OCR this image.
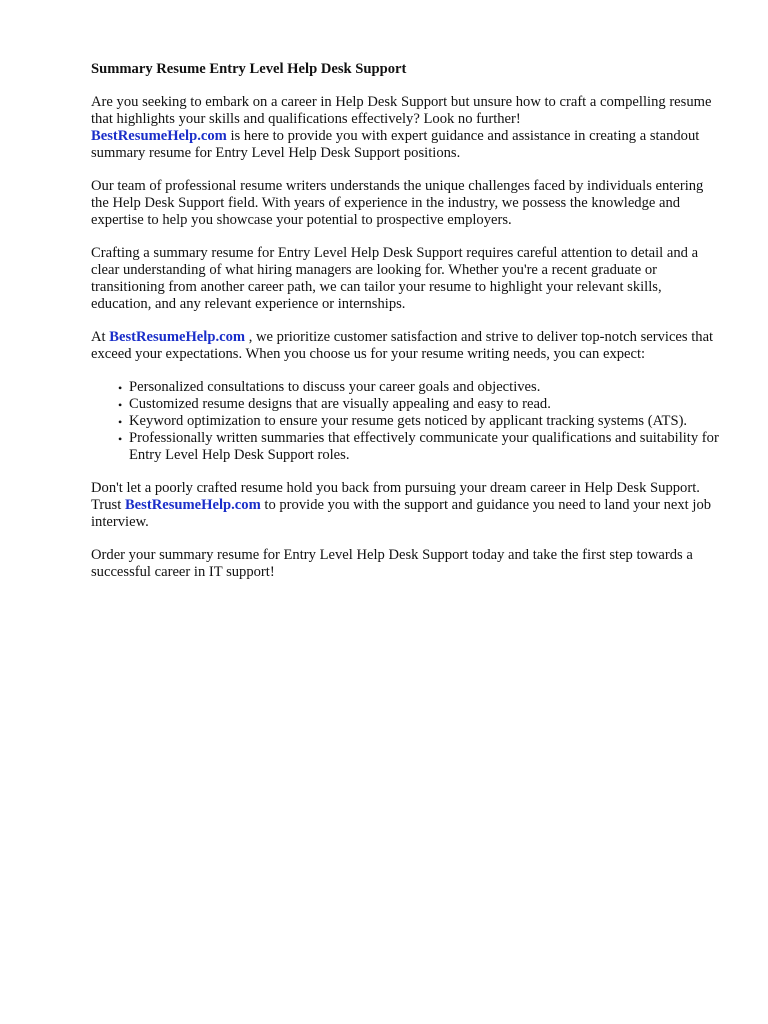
Summary Resume Entry Level Help Desk Support

Are you seeking to embark on a career in Help Desk Support but unsure how to craft a compelling resume that highlights your skills and qualifications effectively? Look no further!
BestResumeHelp.com is here to provide you with expert guidance and assistance in creating a standout summary resume for Entry Level Help Desk Support positions.

Our team of professional resume writers understands the unique challenges faced by individuals entering the Help Desk Support field. With years of experience in the industry, we possess the knowledge and expertise to help you showcase your potential to prospective employers.

Crafting a summary resume for Entry Level Help Desk Support requires careful attention to detail and a clear understanding of what hiring managers are looking for. Whether you're a recent graduate or transitioning from another career path, we can tailor your resume to highlight your relevant skills, education, and any relevant experience or internships.

At BestResumeHelp.com , we prioritize customer satisfaction and strive to deliver top-notch services that exceed your expectations. When you choose us for your resume writing needs, you can expect:

• Personalized consultations to discuss your career goals and objectives.
• Customized resume designs that are visually appealing and easy to read.
• Keyword optimization to ensure your resume gets noticed by applicant tracking systems (ATS).
• Professionally written summaries that effectively communicate your qualifications and suitability for Entry Level Help Desk Support roles.

Don't let a poorly crafted resume hold you back from pursuing your dream career in Help Desk Support. Trust BestResumeHelp.com to provide you with the support and guidance you need to land your next job interview.

Order your summary resume for Entry Level Help Desk Support today and take the first step towards a successful career in IT support!
